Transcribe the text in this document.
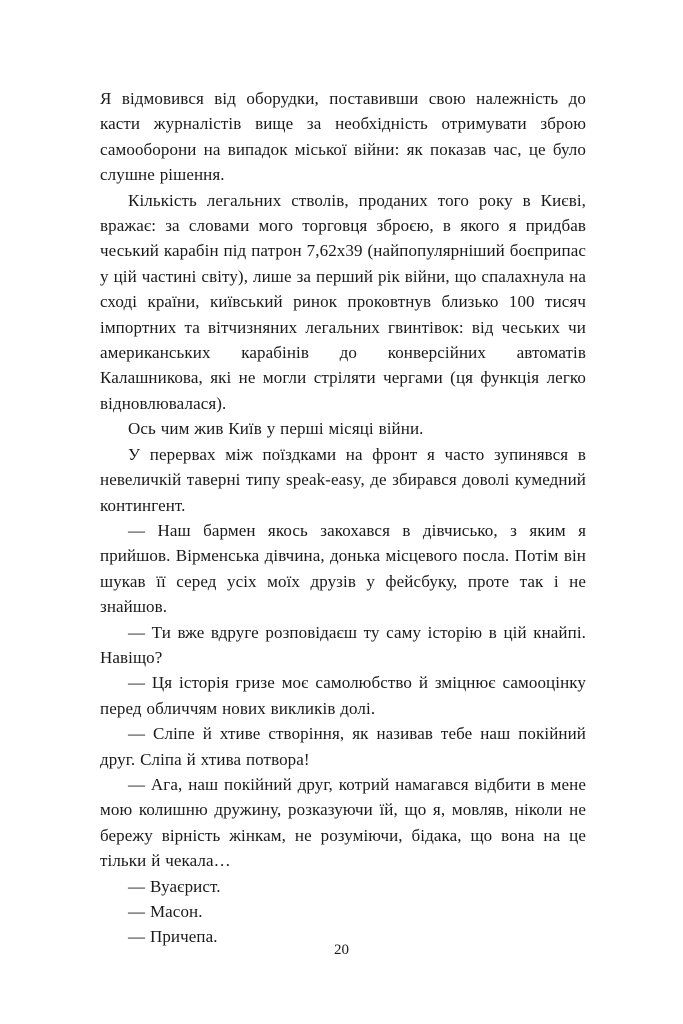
Я відмовився від оборудки, поставивши свою належність до касти журналістів вище за необхідність отримувати зброю самооборони на випадок міської війни: як показав час, це було слушне рішення.

Кількість легальних стволів, проданих того року в Києві, вражає: за словами мого торговця зброєю, в якого я придбав чеський карабін під патрон 7,62x39 (найпопулярніший боєприпас у цій частині світу), лише за перший рік війни, що спалахнула на сході країни, київський ринок проковтнув близько 100 тисяч імпортних та вітчизняних легальних гвинтівок: від чеських чи американських карабінів до конверсійних автоматів Калашникова, які не могли стріляти чергами (ця функція легко відновлювалася).

Ось чим жив Київ у перші місяці війни.

У перервах між поїздками на фронт я часто зупинявся в невеличкій таверні типу speak-easy, де збирався доволі кумедний контингент.

— Наш бармен якось закохався в дівчисько, з яким я прийшов. Вірменська дівчина, донька місцевого посла. Потім він шукав її серед усіх моїх друзів у фейсбуку, проте так і не знайшов.

— Ти вже вдруге розповідаєш ту саму історію в цій кнайпі. Навіщо?

— Ця історія гризе моє самолюбство й зміцнює самооцінку перед обличчям нових викликів долі.

— Сліпе й хтиве створіння, як називав тебе наш покійний друг. Сліпа й хтива потвора!

— Ага, наш покійний друг, котрий намагався відбити в мене мою колишню дружину, розказуючи їй, що я, мовляв, ніколи не бережу вірність жінкам, не розуміючи, бідака, що вона на це тільки й чекала…

— Вуаєрист.

— Масон.

— Причепа.

20
